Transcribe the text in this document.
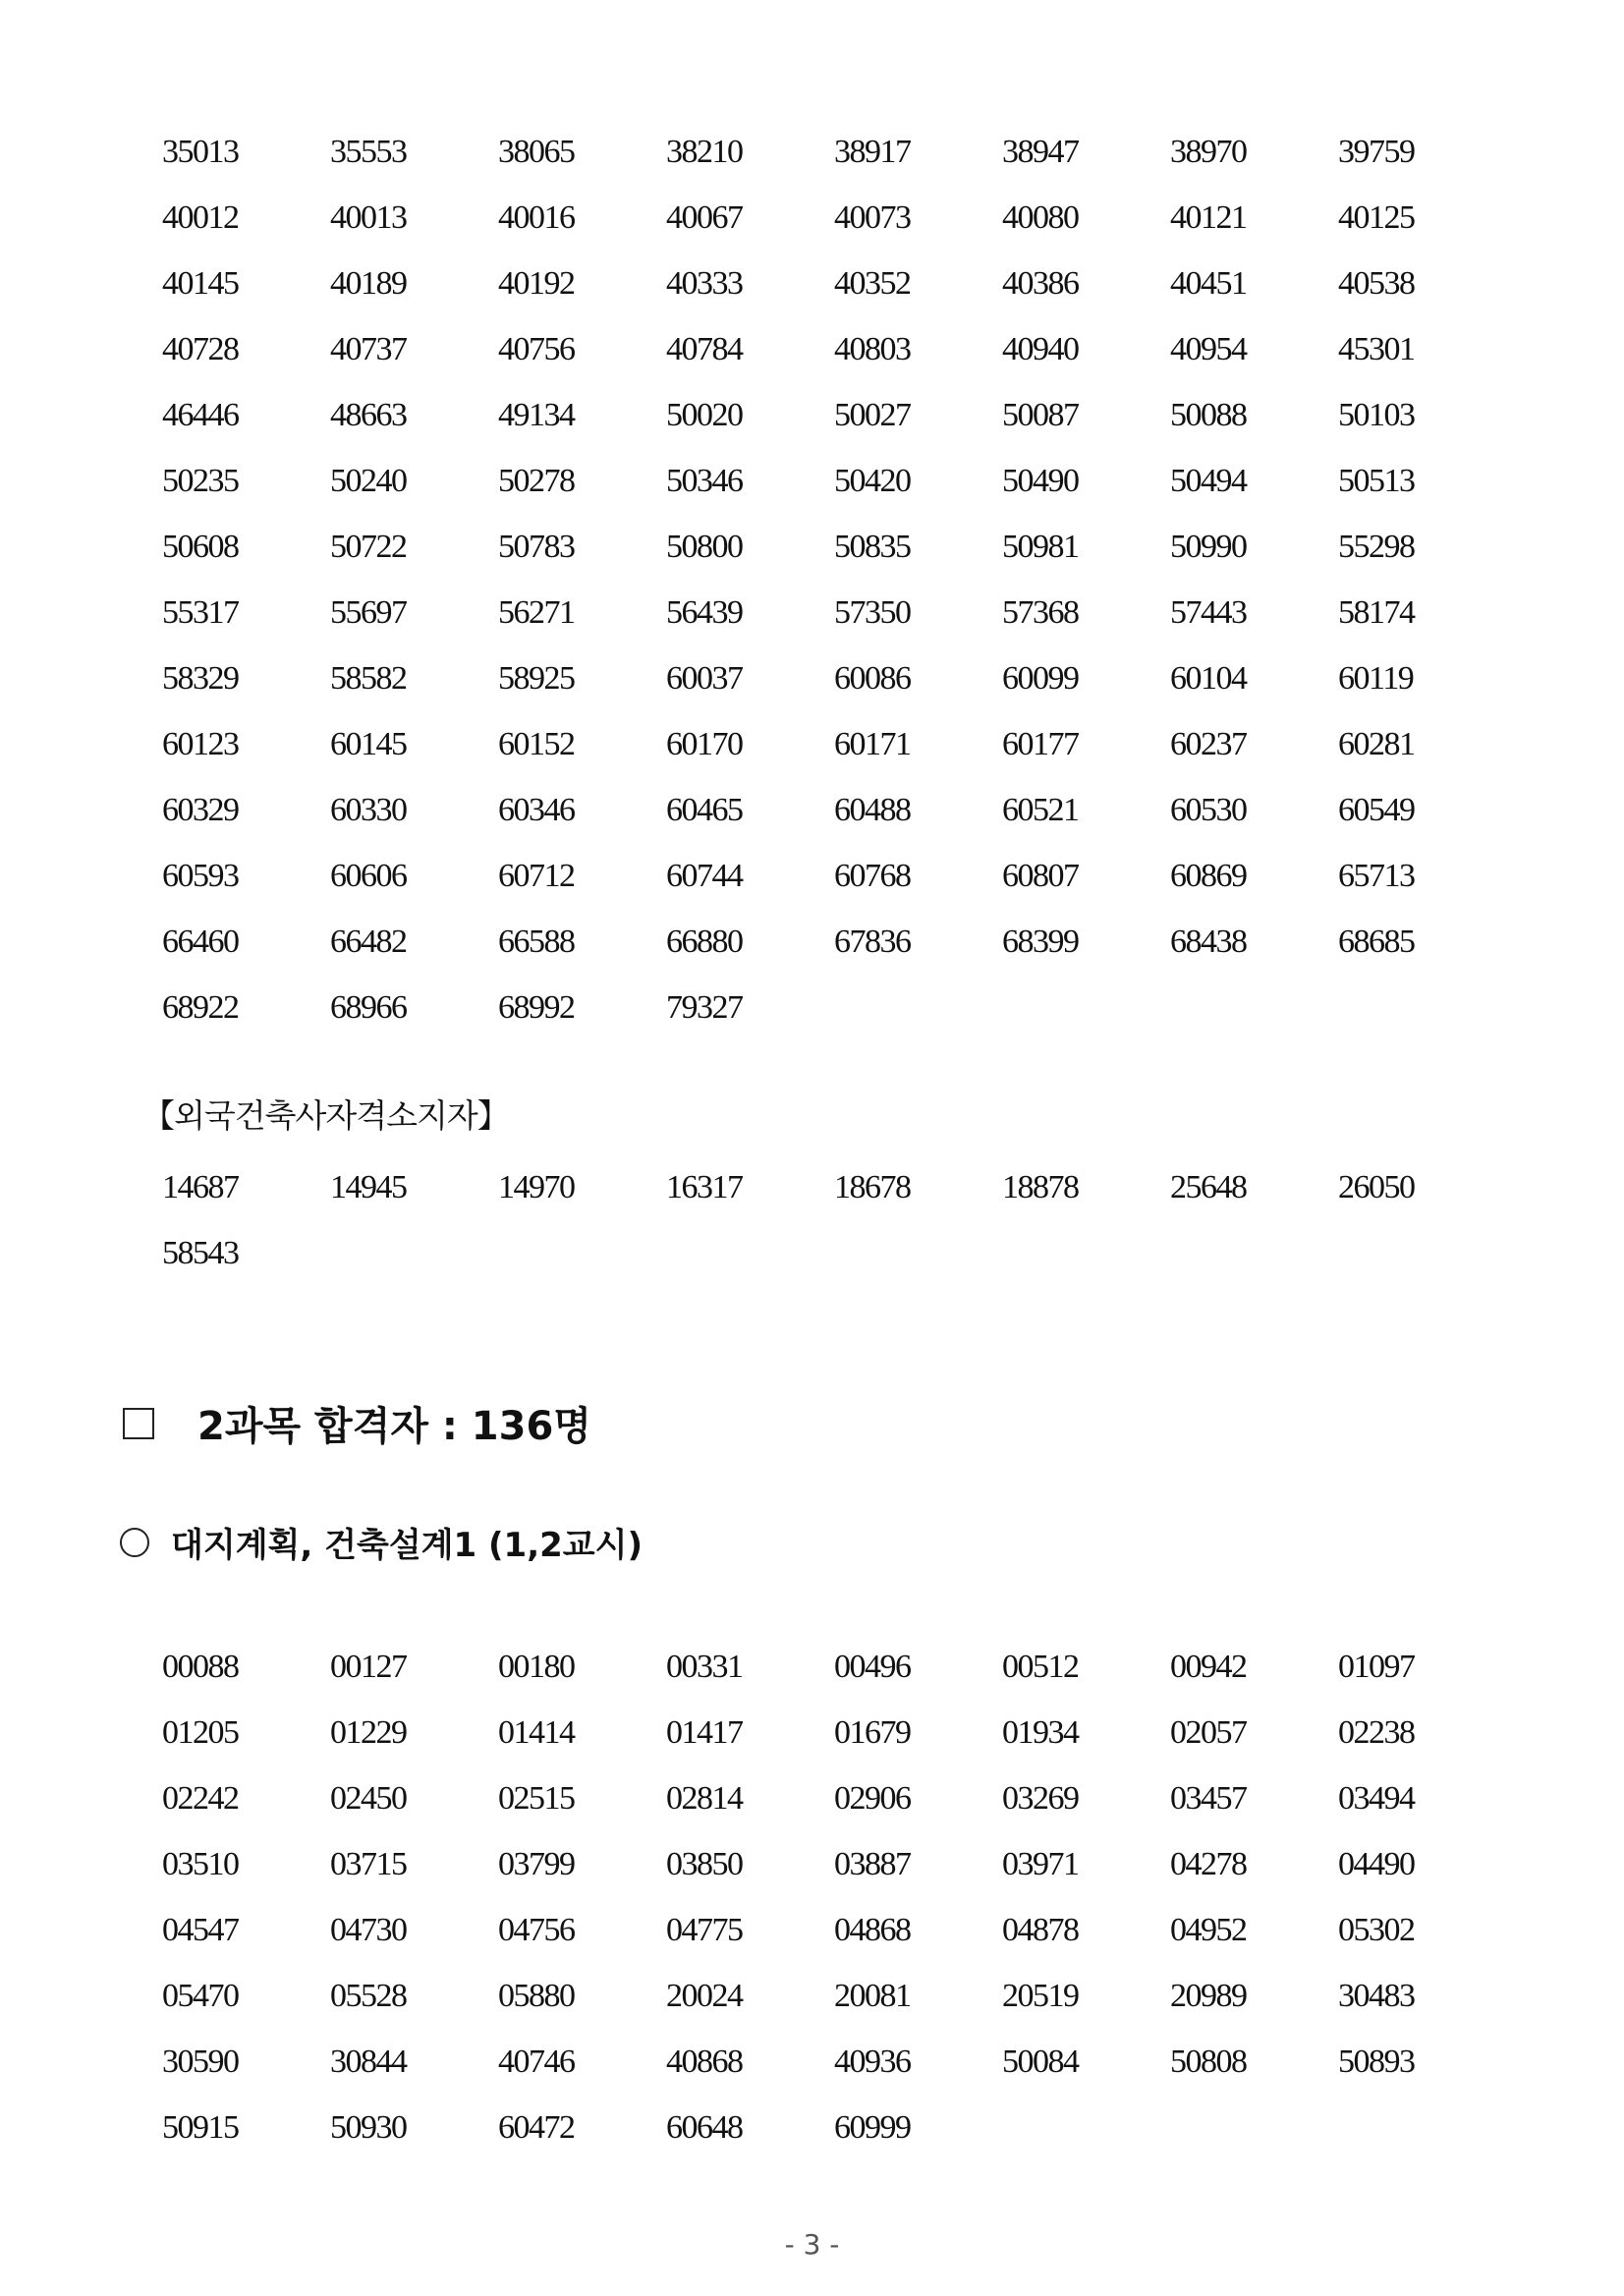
35013	35553	38065	38210	38917	38947	38970	39759
40012	40013	40016	40067	40073	40080	40121	40125
40145	40189	40192	40333	40352	40386	40451	40538
40728	40737	40756	40784	40803	40940	40954	45301
46446	48663	49134	50020	50027	50087	50088	50103
50235	50240	50278	50346	50420	50490	50494	50513
50608	50722	50783	50800	50835	50981	50990	55298
55317	55697	56271	56439	57350	57368	57443	58174
58329	58582	58925	60037	60086	60099	60104	60119
60123	60145	60152	60170	60171	60177	60237	60281
60329	60330	60346	60465	60488	60521	60530	60549
60593	60606	60712	60744	60768	60807	60869	65713
66460	66482	66588	66880	67836	68399	68438	68685
68922	68966	68992	79327
【외국건축사자격소지자】
14687	14945	14970	16317	18678	18878	25648	26050
58543
2과목 합격자 : 136명
대지계획, 건축설계1 (1,2교시)
00088	00127	00180	00331	00496	00512	00942	01097
01205	01229	01414	01417	01679	01934	02057	02238
02242	02450	02515	02814	02906	03269	03457	03494
03510	03715	03799	03850	03887	03971	04278	04490
04547	04730	04756	04775	04868	04878	04952	05302
05470	05528	05880	20024	20081	20519	20989	30483
30590	30844	40746	40868	40936	50084	50808	50893
50915	50930	60472	60648	60999
- 3 -
